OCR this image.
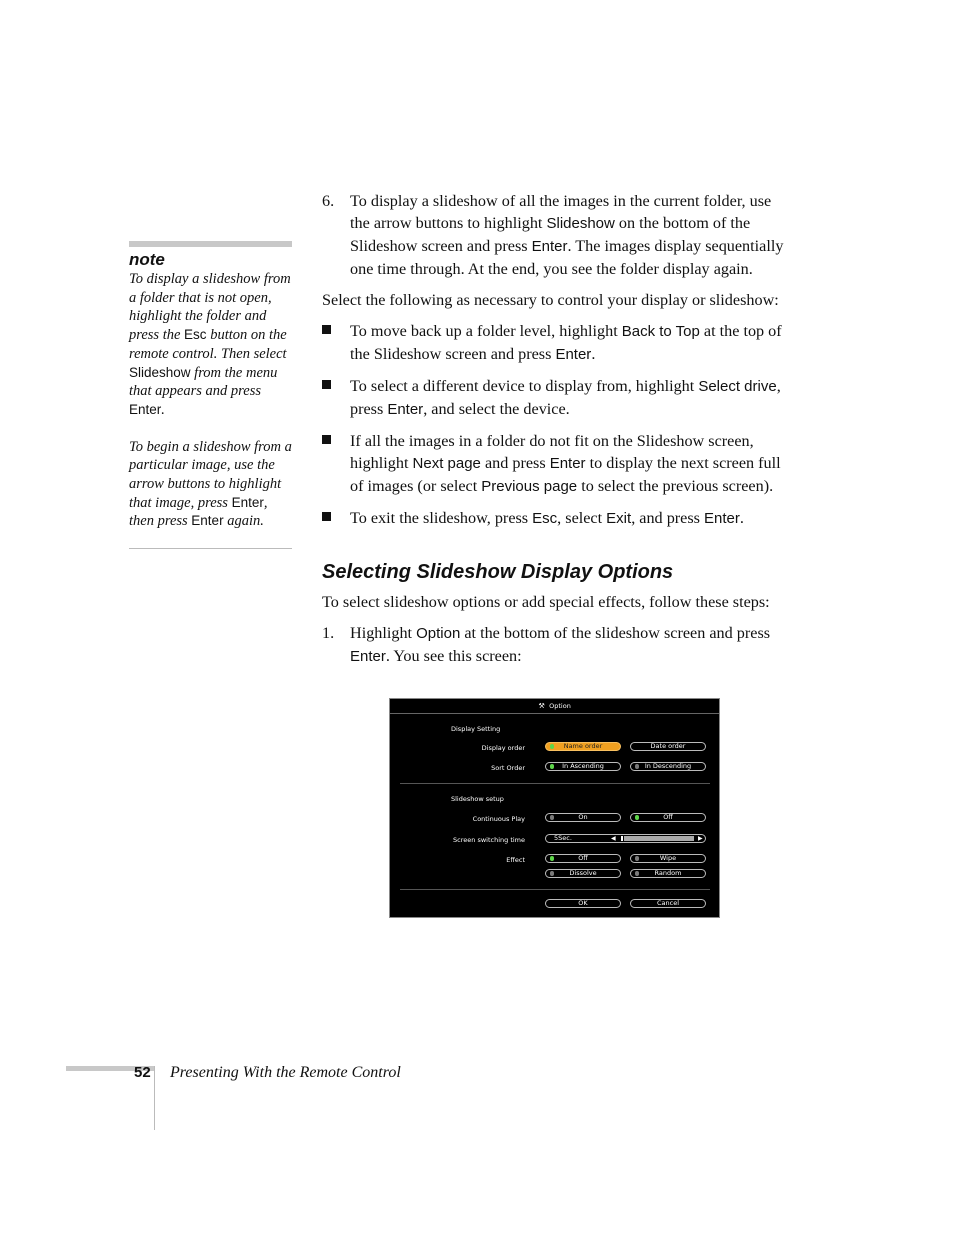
note

To display a slideshow from a folder that is not open, highlight the folder and press the Esc button on the remote control. Then select Slideshow from the menu that appears and press Enter.

To begin a slideshow from a particular image, use the arrow buttons to highlight that image, press Enter, then press Enter again.

6. To display a slideshow of all the images in the current folder, use the arrow buttons to highlight Slideshow on the bottom of the Slideshow screen and press Enter. The images display sequentially one time through. At the end, you see the folder display again.

Select the following as necessary to control your display or slideshow:

To move back up a folder level, highlight Back to Top at the top of the Slideshow screen and press Enter.

To select a different device to display from, highlight Select drive, press Enter, and select the device.

If all the images in a folder do not fit on the Slideshow screen, highlight Next page and press Enter to display the next screen full of images (or select Previous page to select the previous screen).

To exit the slideshow, press Esc, select Exit, and press Enter.

Selecting Slideshow Display Options

To select slideshow options or add special effects, follow these steps:

1. Highlight Option at the bottom of the slideshow screen and press Enter. You see this screen:

⚒ Option
Display Setting
Display order	Name order	Date order
Sort Order	In Ascending	In Descending
Slideshow setup
Continuous Play	On	Off
Screen switching time	5Sec.	◀	▶
Effect	Off	Wipe
Dissolve	Random
OK	Cancel
52 Presenting With the Remote Control
